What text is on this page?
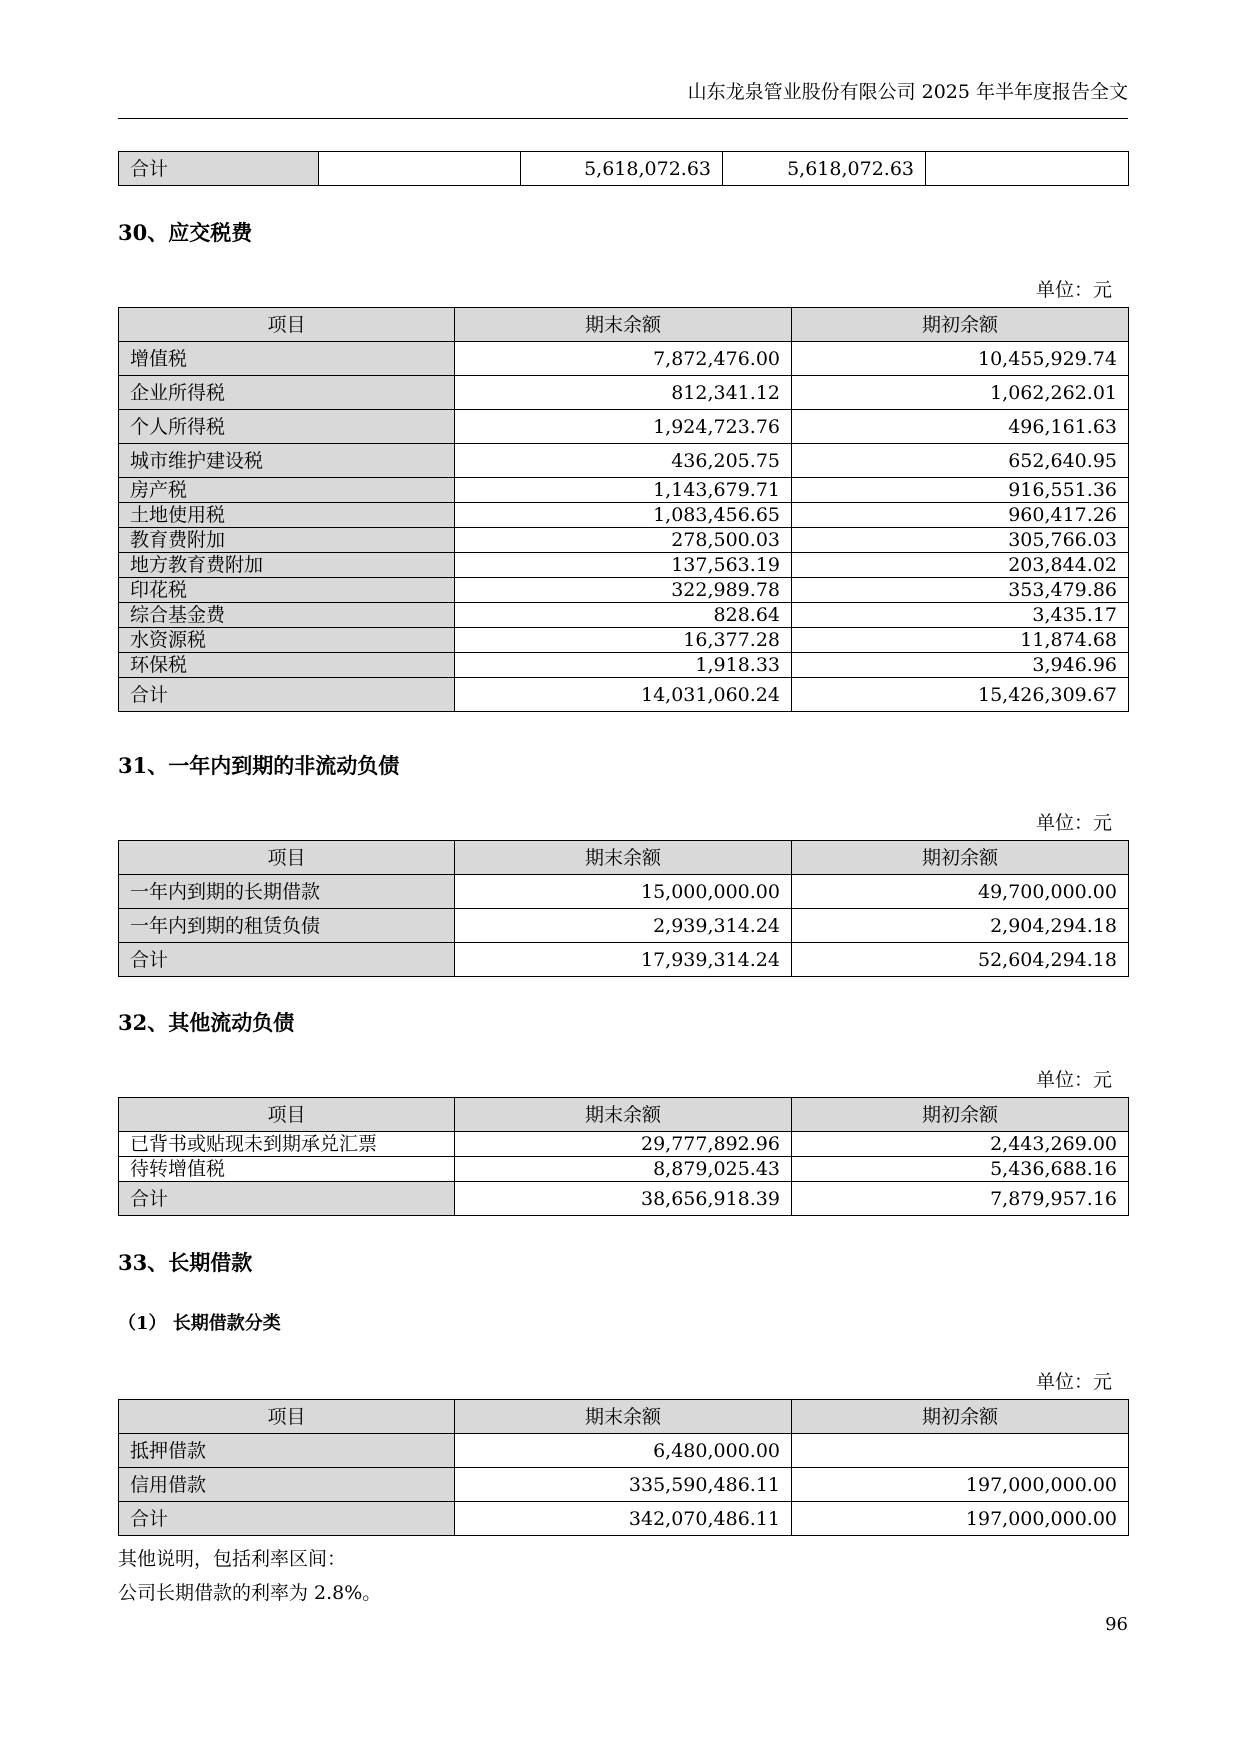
山东龙泉管业股份有限公司 2025 年半年度报告全文
合计		5,618,072.63	5,618,072.63	
30、应交税费
单位：元
项目	期末余额	期初余额
增值税	7,872,476.00	10,455,929.74
企业所得税	812,341.12	1,062,262.01
个人所得税	1,924,723.76	496,161.63
城市维护建设税	436,205.75	652,640.95
房产税	1,143,679.71	916,551.36
土地使用税	1,083,456.65	960,417.26
教育费附加	278,500.03	305,766.03
地方教育费附加	137,563.19	203,844.02
印花税	322,989.78	353,479.86
综合基金费	828.64	3,435.17
水资源税	16,377.28	11,874.68
环保税	1,918.33	3,946.96
合计	14,031,060.24	15,426,309.67
31、一年内到期的非流动负债
单位：元
项目	期末余额	期初余额
一年内到期的长期借款	15,000,000.00	49,700,000.00
一年内到期的租赁负债	2,939,314.24	2,904,294.18
合计	17,939,314.24	52,604,294.18
32、其他流动负债
单位：元
项目	期末余额	期初余额
已背书或贴现未到期承兑汇票	29,777,892.96	2,443,269.00
待转增值税	8,879,025.43	5,436,688.16
合计	38,656,918.39	7,879,957.16
33、长期借款
（1） 长期借款分类
单位：元
项目	期末余额	期初余额
抵押借款	6,480,000.00	
信用借款	335,590,486.11	197,000,000.00
合计	342,070,486.11	197,000,000.00
其他说明，包括利率区间：
公司长期借款的利率为 2.8%。
96
